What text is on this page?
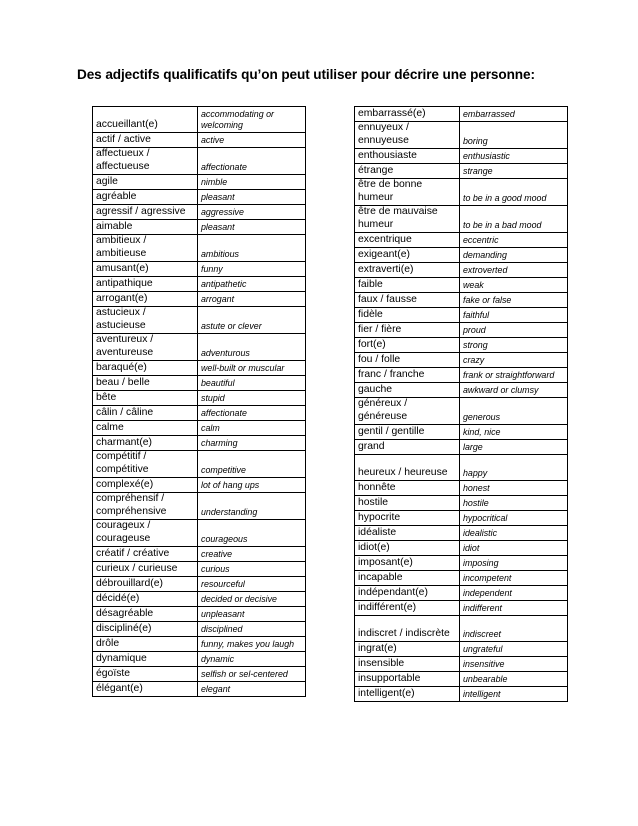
Des adjectifs qualificatifs qu’on peut utiliser pour décrire une personne:
accueillant(e)	accommodating or welcoming
actif / active	active
affectueux / affectueuse	affectionate
agile	nimble
agréable	pleasant
agressif / agressive	aggressive
aimable	pleasant
ambitieux / ambitieuse	ambitious
amusant(e)	funny
antipathique	antipathetic
arrogant(e)	arrogant
astucieux / astucieuse	astute or clever
aventureux / aventureuse	adventurous
baraqué(e)	well-built or muscular
beau / belle	beautiful
bête	stupid
câlin / câline	affectionate
calme	calm
charmant(e)	charming
compétitif / compétitive	competitive
complexé(e)	lot of hang ups
compréhensif / compréhensive	understanding
courageux / courageuse	courageous
créatif / créative	creative
curieux / curieuse	curious
débrouillard(e)	resourceful
décidé(e)	decided or decisive
désagréable	unpleasant
discipliné(e)	disciplined
drôle	funny, makes you laugh
dynamique	dynamic
égoïste	selfish or sel-centered
élégant(e)	elegant
embarrassé(e)	embarrassed
ennuyeux / ennuyeuse	boring
enthousiaste	enthusiastic
étrange	strange
être de bonne humeur	to be in a good mood
être de mauvaise humeur	to be in a bad mood
excentrique	eccentric
exigeant(e)	demanding
extraverti(e)	extroverted
faible	weak
faux / fausse	fake or false
fidèle	faithful
fier / fière	proud
fort(e)	strong
fou / folle	crazy
franc / franche	frank or straightforward
gauche	awkward or clumsy
généreux / généreuse	generous
gentil / gentille	kind, nice
grand	large
heureux / heureuse	happy
honnête	honest
hostile	hostile
hypocrite	hypocritical
idéaliste	idealistic
idiot(e)	idiot
imposant(e)	imposing
incapable	incompetent
indépendant(e)	independent
indifférent(e)	indifferent
indiscret / indiscrète	indiscreet
ingrat(e)	ungrateful
insensible	insensitive
insupportable	unbearable
intelligent(e)	intelligent
